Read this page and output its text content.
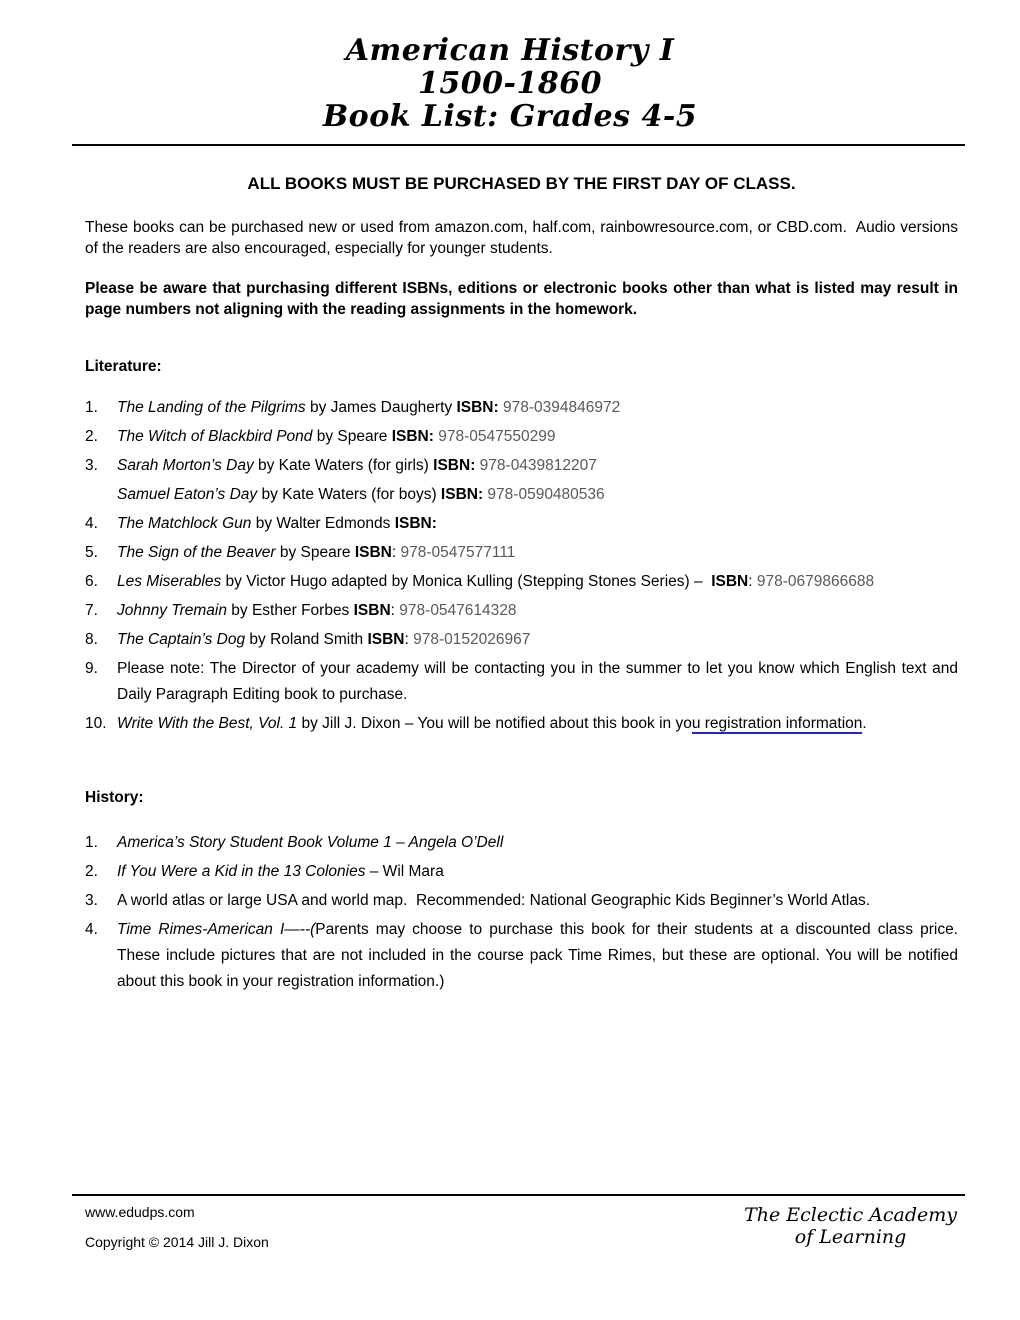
American History I
1500-1860
Book List: Grades 4-5

ALL BOOKS MUST BE PURCHASED BY THE FIRST DAY OF CLASS.

These books can be purchased new or used from amazon.com, half.com, rainbowresource.com, or CBD.com.  Audio versions of the readers are also encouraged, especially for younger students.

Please be aware that purchasing different ISBNs, editions or electronic books other than what is listed may result in page numbers not aligning with the reading assignments in the homework.

Literature:
1.	The Landing of the Pilgrims by James Daugherty ISBN: 978-0394846972
2.	The Witch of Blackbird Pond by Speare ISBN: 978-0547550299
3.	Sarah Morton’s Day by Kate Waters (for girls) ISBN: 978-0439812207
Samuel Eaton’s Day by Kate Waters (for boys) ISBN: 978-0590480536
4.	The Matchlock Gun by Walter Edmonds ISBN:
5.	The Sign of the Beaver by Speare ISBN: 978-0547577111
6.	Les Miserables by Victor Hugo adapted by Monica Kulling (Stepping Stones Series) –  ISBN: 978-0679866688
7.	Johnny Tremain by Esther Forbes ISBN: 978-0547614328
8.	The Captain’s Dog by Roland Smith ISBN: 978-0152026967
9.	Please note: The Director of your academy will be contacting you in the summer to let you know which English text and Daily Paragraph Editing book to purchase.
10. Write With the Best, Vol. 1 by Jill J. Dixon – You will be notified about this book in you registration information.
History:
1.	America’s Story Student Book Volume 1 – Angela O’Dell
2.	If You Were a Kid in the 13 Colonies – Wil Mara
3.	A world atlas or large USA and world map.  Recommended: National Geographic Kids Beginner’s World Atlas.
4.	Time Rimes-American I—--(Parents may choose to purchase this book for their students at a discounted class price.  These include pictures that are not included in the course pack Time Rimes, but these are optional. You will be notified about this book in your registration information.)
www.edudps.com
Copyright © 2014 Jill J. Dixon
The Eclectic Academy
of Learning
